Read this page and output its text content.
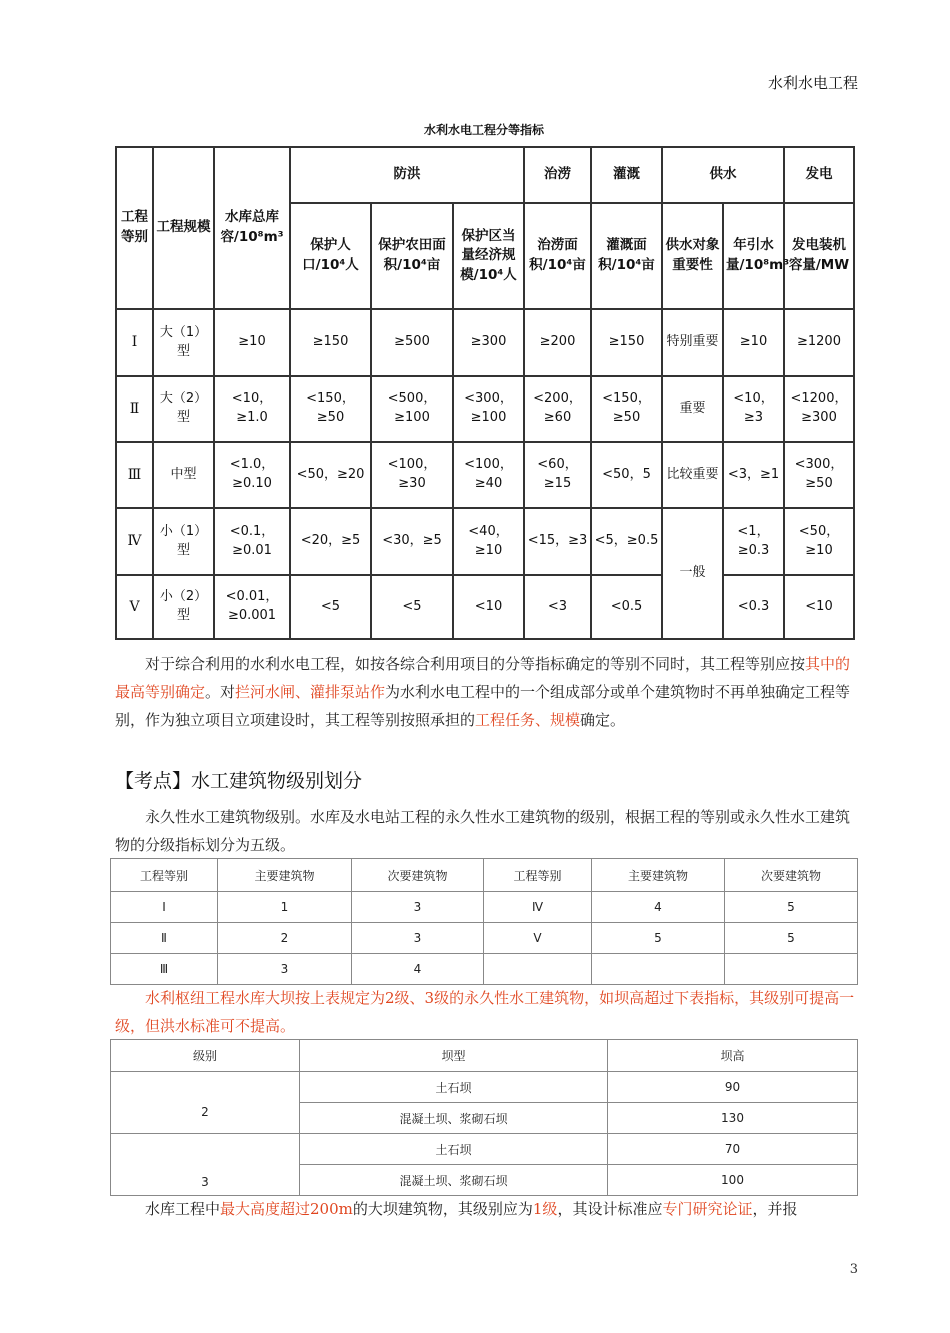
水利水电工程
水利水电工程分等指标
工程等别	工程规模	水库总库容/10⁸m³	防洪			治涝	灌溉	供水		发电
			保护人口/10⁴人	保护农田面积/10⁴亩	保护区当量经济规模/10⁴人	治涝面积/10⁴亩	灌溉面积/10⁴亩	供水对象重要性	年引水量/10⁸m³	发电装机容量/MW
Ⅰ	大（1）型	≥10	≥150	≥500	≥300	≥200	≥150	特别重要	≥10	≥1200
Ⅱ	大（2）型	<10，≥1.0	<150，≥50	<500，≥100	<300，≥100	<200，≥60	<150，≥50	重要	<10，≥3	<1200，≥300
Ⅲ	中型	<1.0，≥0.10	<50，≥20	<100，≥30	<100，≥40	<60，≥15	<50，5	比较重要	<3，≥1	<300，≥50
Ⅳ	小（1）型	<0.1，≥0.01	<20，≥5	<30，≥5	<40，≥10	<15，≥3	<5，≥0.5	一般	<1，≥0.3	<50，≥10
Ⅴ	小（2）型	<0.01，≥0.001	<5	<5	<10	<3	<0.5		<0.3	<10

对于综合利用的水利水电工程，如按各综合利用项目的分等指标确定的等别不同时，其工程等别应按其中的最高等别确定。对拦河水闸、灌排泵站作为水利水电工程中的一个组成部分或单个建筑物时不再单独确定工程等别，作为独立项目立项建设时，其工程等别按照承担的工程任务、规模确定。

【考点】水工建筑物级别划分

永久性水工建筑物级别。水库及水电站工程的永久性水工建筑物的级别，根据工程的等别或永久性水工建筑物的分级指标划分为五级。

工程等别	主要建筑物	次要建筑物	工程等别	主要建筑物	次要建筑物
Ⅰ	1	3	Ⅳ	4	5
Ⅱ	2	3	Ⅴ	5	5
Ⅲ	3	4			

水利枢纽工程水库大坝按上表规定为2级、3级的永久性水工建筑物，如坝高超过下表指标，其级别可提高一级，但洪水标准可不提高。

级别	坝型	坝高
2	土石坝	90
	混凝土坝、浆砌石坝	130
3	土石坝	70
	混凝土坝、浆砌石坝	100

水库工程中最大高度超过200m的大坝建筑物，其级别应为1级，其设计标准应专门研究论证，并报

3
